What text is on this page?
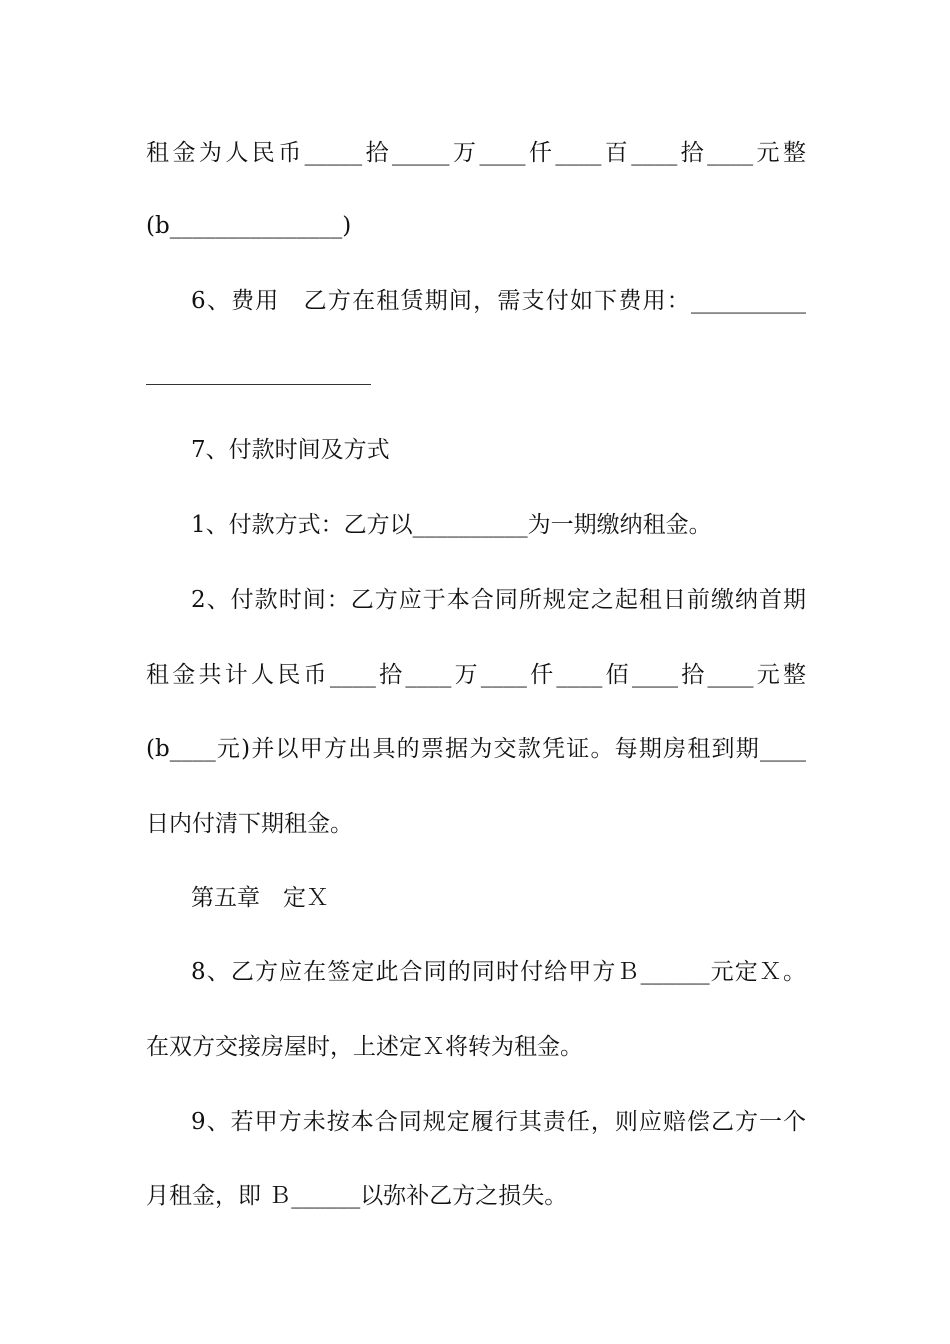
租金为人民币_____拾_____万____仟____百____拾____元整
(b_______________)
6、费用　乙方在租赁期间，需支付如下费用：__________
7、付款时间及方式
1、付款方式：乙方以__________为一期缴纳租金。
2、付款时间：乙方应于本合同所规定之起租日前缴纳首期
租金共计人民币____拾____万____仟____佰____拾____元整
(b____元)并以甲方出具的票据为交款凭证。每期房租到期____
日内付清下期租金。
第五章　定Ｘ
8、乙方应在签定此合同的同时付给甲方Ｂ______元定Ｘ。
在双方交接房屋时，上述定Ｘ将转为租金。
9、若甲方未按本合同规定履行其责任，则应赔偿乙方一个
月租金，即 Ｂ______以弥补乙方之损失。
